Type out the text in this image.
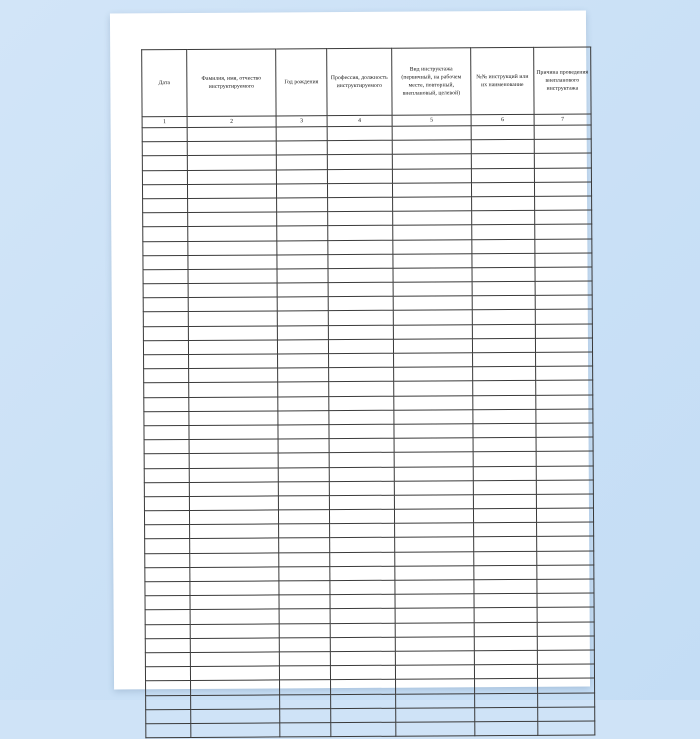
Дата	Фамилия, имя, отчество инструктируемого	Год рождения	Профессия, должность инструктируемого	Вид инструктажа (первичный, на рабочем месте, повторный, внеплановый, целевой)	№№ инструкций или их наименование	Причина проведения внепланового инструктажа
1	2	3	4	5	6	7
